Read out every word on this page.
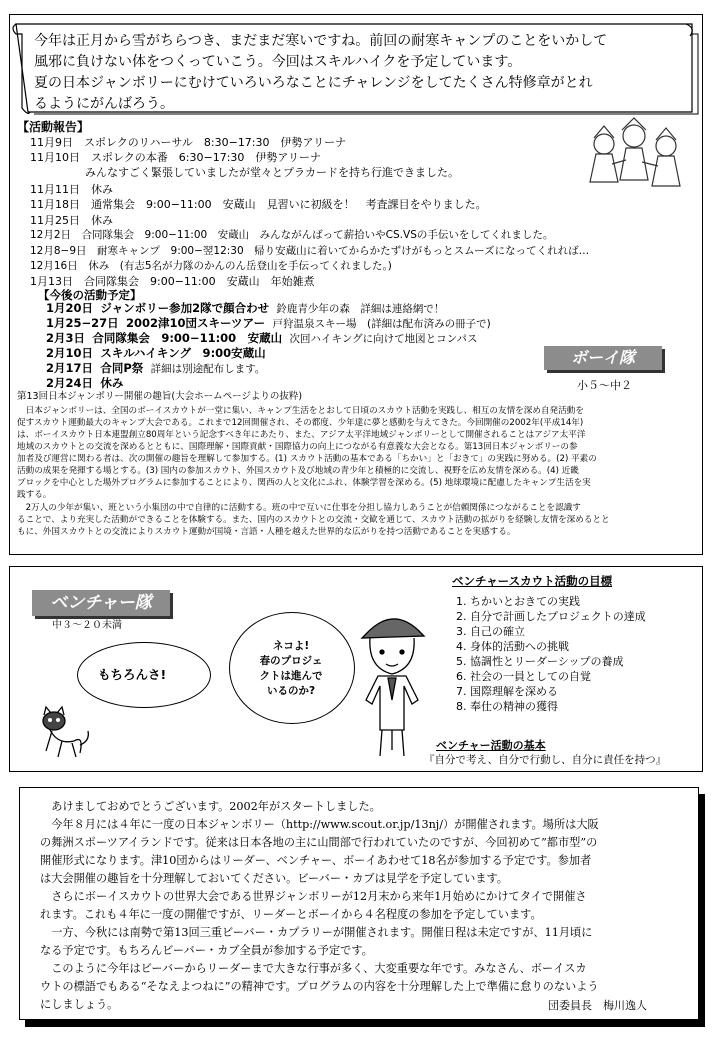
今年は正月から雪がちらつき、まだまだ寒いですね。前回の耐寒キャンプのことをいかして
風邪に負けない体をつくっていこう。今回はスキルハイクを予定しています。
夏の日本ジャンボリーにむけていろいろなことにチャレンジをしてたくさん特修章がとれ
るようにがんばろう。
【活動報告】
11月9日　スポレクのリハーサル　8:30−17:30　伊勢アリーナ
11月10日　スポレクの本番　6:30−17:30　伊勢アリーナ
　　　　　みんなすごく緊張していましたが堂々とプラカードを持ち行進できました。
11月11日　休み
11月18日　通常集会　9:00−11:00　安蔵山　見習いに初級を！　考査課目をやりました。
11月25日　休み
12月2日　合同隊集会　9:00−11:00　安蔵山　みんながんばって薪拾いやCS.VSの手伝いをしてくれました。
12月8−9日　耐寒キャンプ　9:00−翌12:30　帰り安蔵山に着いてからかたずけがもっとスムーズになってくれれば…
12月16日　休み　(有志5名が力隊のかんのん岳登山を手伝ってくれました。)
1月13日　合同隊集会　9:00−11:00　安蔵山　年始雑煮
【今後の活動予定】
1月20日 ジャンボリー参加2隊で顔合わせ 鈴鹿青少年の森　詳細は連絡網で！
1月25−27日 2002津10団スキーツアー 戸狩温泉スキー場　(詳細は配布済みの冊子で)
2月3日 合同隊集会　9:00−11:00　安蔵山 次回ハイキングに向けて地図とコンパス
2月10日 スキルハイキング　9:00安蔵山
2月17日 合同P祭 詳細は別途配布します。
2月24日 休み
ボーイ隊
小５〜中２
第13回日本ジャンボリー開催の趣旨(大会ホームページよりの抜粋)
　日本ジャンボリーは、全国のボーイスカウトが一堂に集い、キャンプ生活をとおして日頃のスカウト活動を実践し、相互の友情を深め自発活動を
促すスカウト運動最大のキャンプ大会である。これまで12回開催され、その都度、少年達に夢と感動を与えてきた。今回開催の2002年(平成14年)
は、ボーイスカウト日本連盟創立80周年という記念すべき年にあたり、また、アジア太平洋地域ジャンボリーとして開催されることはアジア太平洋
地域のスカウトとの交流を深めるとともに、国際理解・国際貢献・国際協力の向上につながる有意義な大会となる。第13回日本ジャンボリーの参
加者及び運営に関わる者は、次の開催の趣旨を理解して参加する。(1) スカウト活動の基本である「ちかい」と「おきて」の実践に努める。(2) 平素の
活動の成果を発揮する場とする。(3) 国内の参加スカウト、外国スカウト及び地域の青少年と積極的に交流し、視野を広め友情を深める。(4) 近畿
ブロックを中心とした場外プログラムに参加することにより、関西の人と文化にふれ、体験学習を深める。(5) 地球環境に配慮したキャンプ生活を実
践する。
　2万人の少年が集い、班という小集団の中で自律的に活動する。班の中で互いに仕事を分担し協力しあうことが信頼関係につながることを認識す
ることで、より充実した活動ができることを体験する。また、国内のスカウトとの交流・交歓を通じて、スカウト活動の拡がりを経験し友情を深めるとと
もに、外国スカウトとの交流によりスカウト運動が国境・言語・人種を越えた世界的な広がりを持つ活動であることを実感する。
ベンチャー隊
中３〜２０未満
もちろんさ!
ネコよ!
春のプロジェ
クトは進んで
いるのか?
ベンチャースカウト活動の目標
1. ちかいとおきての実践
2. 自分で計画したプロジェクトの達成
3. 自己の確立
4. 身体的活動への挑戦
5. 協調性とリーダーシップの養成
6. 社会の一員としての自覚
7. 国際理解を深める
8. 奉仕の精神の獲得
ベンチャー活動の基本
『自分で考え、自分で行動し、自分に責任を持つ』
　あけましておめでとうございます。2002年がスタートしました。
　今年８月には４年に一度の日本ジャンボリー（http://www.scout.or.jp/13nj/）が開催されます。場所は大阪
の舞洲スポーツアイランドです。従来は日本各地の主に山間部で行われていたのですが、今回初めて”都市型”の
開催形式になります。津10団からはリーダー、ベンチャー、ボーイあわせて18名が参加する予定です。参加者
は大会開催の趣旨を十分理解しておいてください。ビーバー・カブは見学を予定しています。
　さらにボーイスカウトの世界大会である世界ジャンボリーが12月末から来年1月始めにかけてタイで開催さ
れます。これも４年に一度の開催ですが、リーダーとボーイから４名程度の参加を予定しています。
　一方、今秋には南勢で第13回三重ビーバー・カプラリーが開催されます。開催日程は未定ですが、11月頃に
なる予定です。もちろんビーバー・カブ全員が参加する予定です。
　このように今年はビーバーからリーダーまで大きな行事が多く、大変重要な年です。みなさん、ボーイスカ
ウトの標語でもある“そなえよつねに”の精神です。プログラムの内容を十分理解した上で準備に怠りのないよう
にしましょう。	団委員長　梅川逸人
